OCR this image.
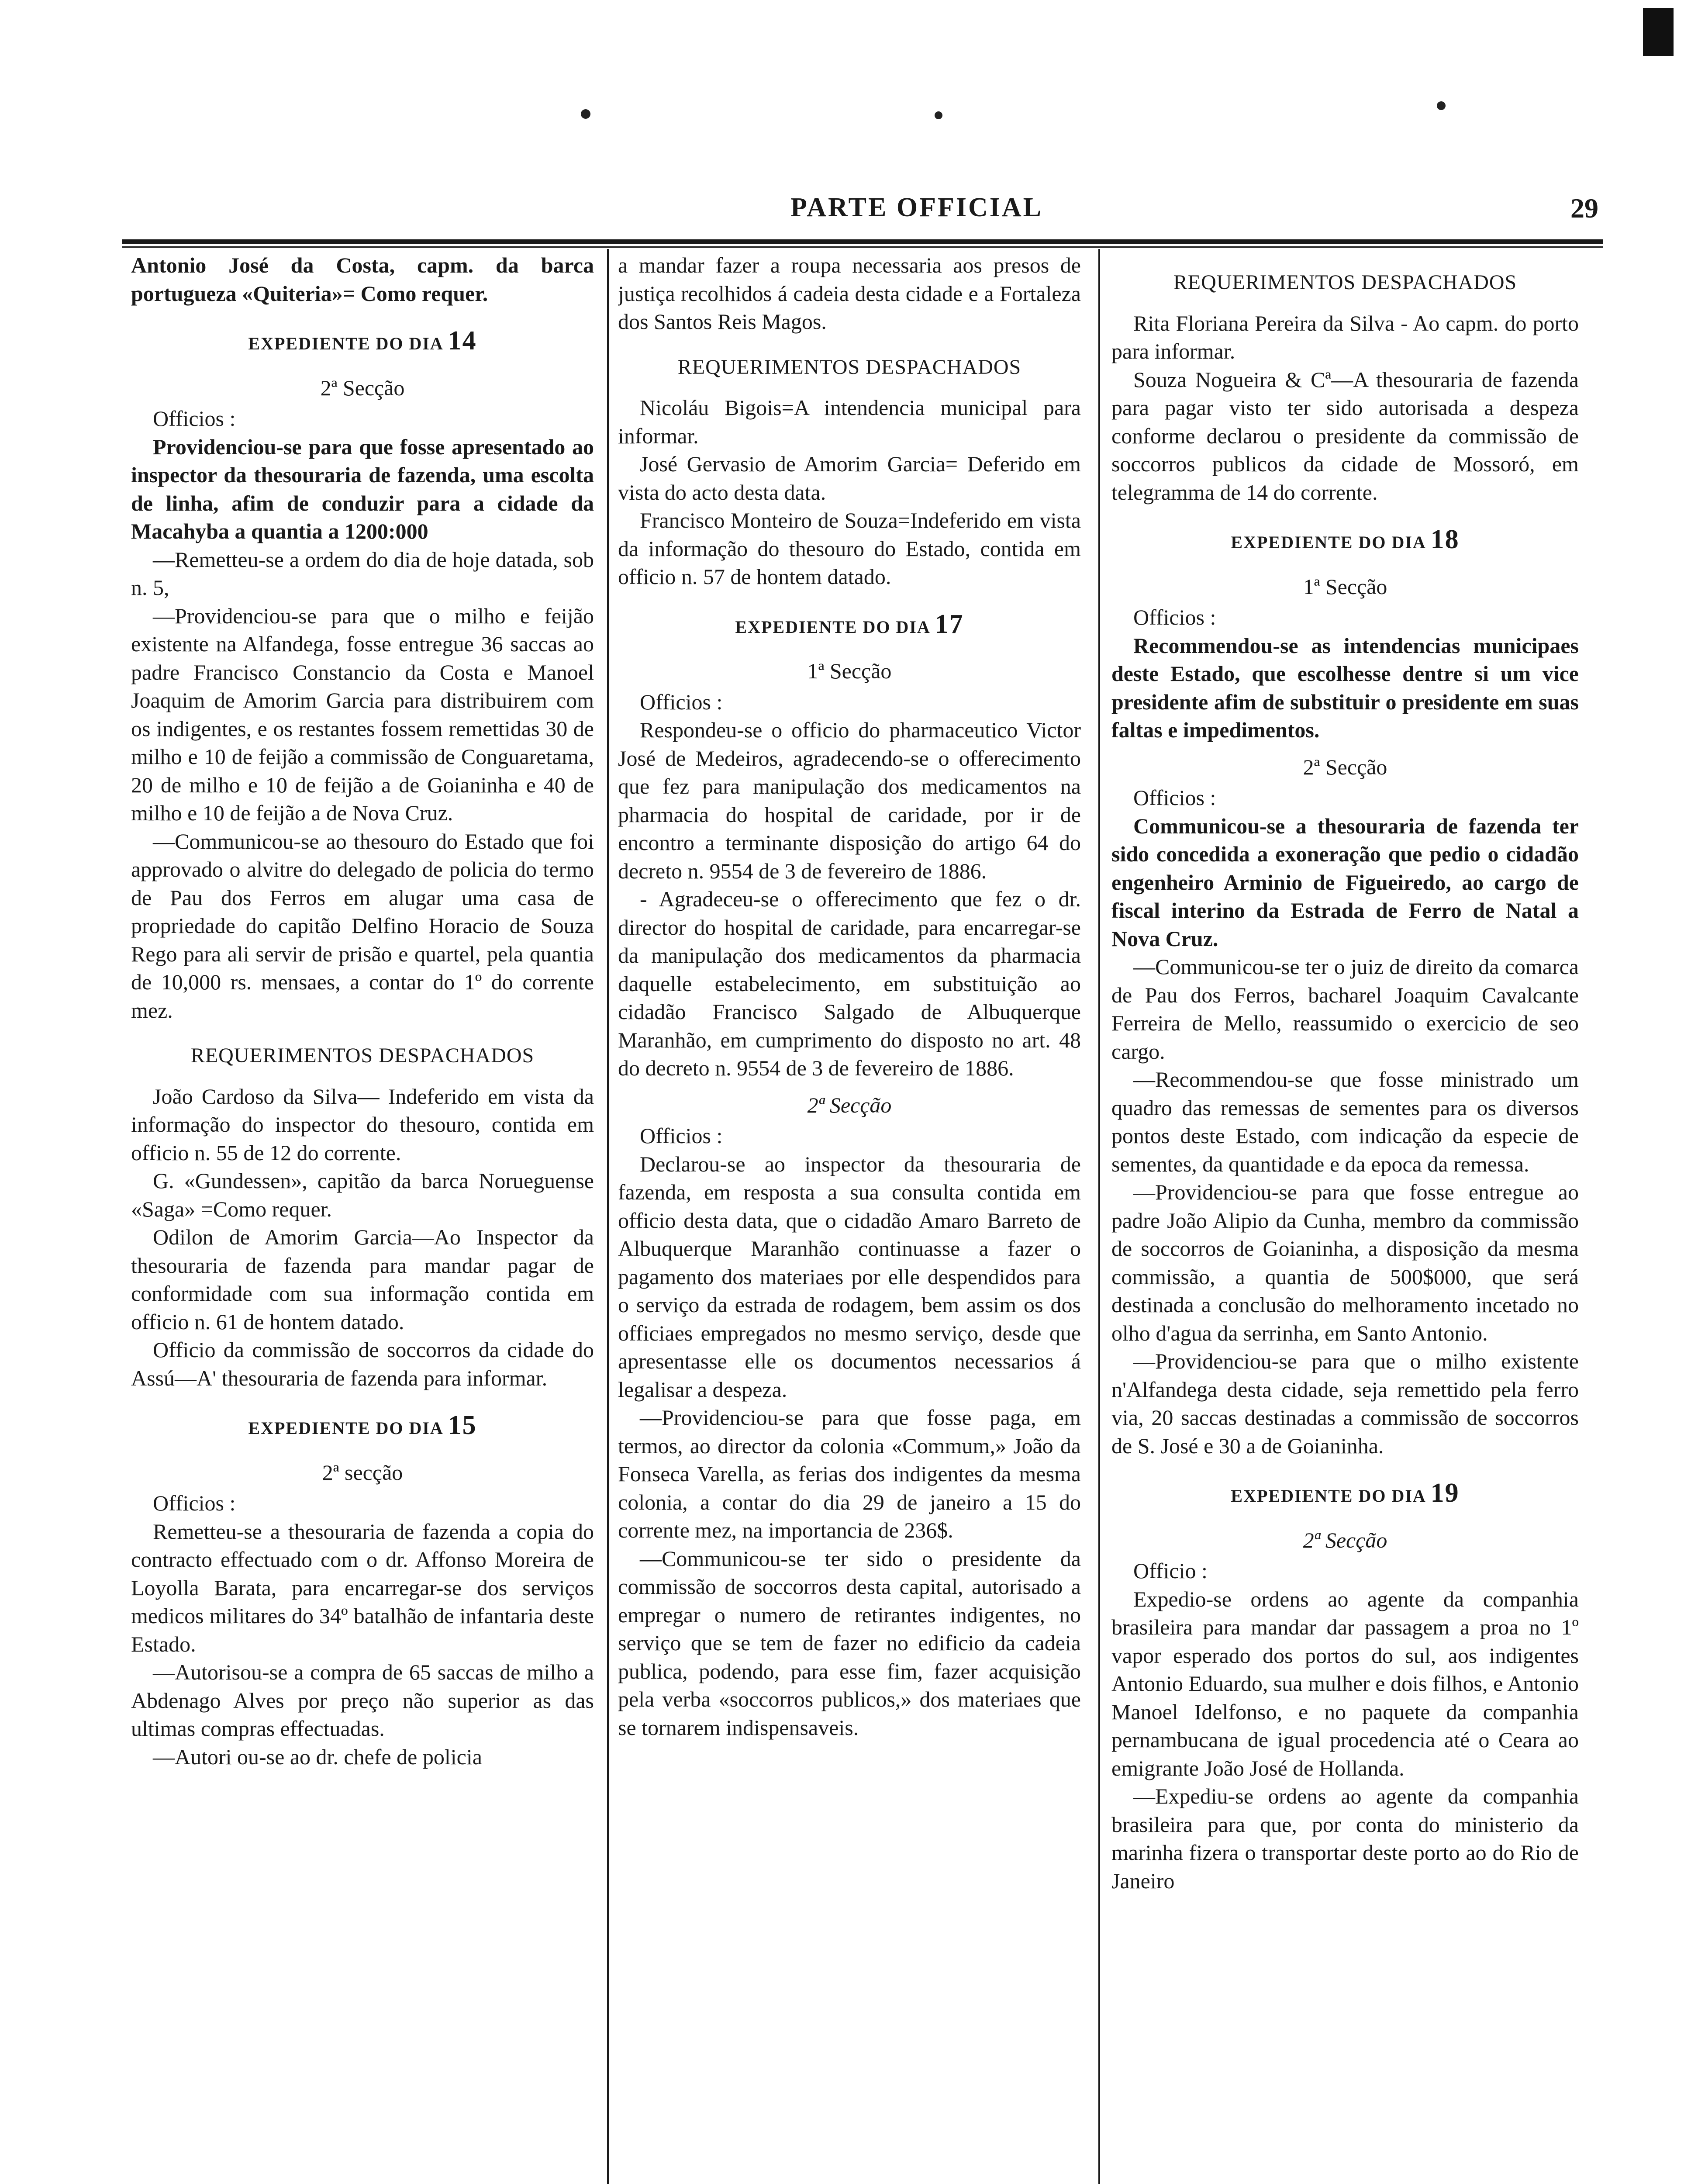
PARTE OFFICIAL	29

Antonio José da Costa, capm. da barca portugueza «Quiteria»= Como requer.

EXPEDIENTE DO DIA 14
2ª Secção

Officios :

Providenciou-se para que fosse apresentado ao inspector da thesouraria de fazenda, uma escolta de linha, afim de conduzir para a cidade da Macahyba a quantia a 1200:000

—Remetteu-se a ordem do dia de hoje datada, sob n. 5,

—Providenciou-se para que o milho e feijão existente na Alfandega, fosse entregue 36 saccas ao padre Francisco Constancio da Costa e Manoel Joaquim de Amorim Garcia para distribuirem com os indigentes, e os restantes fossem remettidas 30 de milho e 10 de feijão a commissão de Conguaretama, 20 de milho e 10 de feijão a de Goianinha e 40 de milho e 10 de feijão a de Nova Cruz.

—Communicou-se ao thesouro do Estado que foi approvado o alvitre do delegado de policia do termo de Pau dos Ferros em alugar uma casa de propriedade do capitão Delfino Horacio de Souza Rego para ali servir de prisão e quartel, pela quantia de 10,000 rs. mensaes, a contar do 1º do corrente mez.

REQUERIMENTOS DESPACHADOS

João Cardoso da Silva— Indeferido em vista da informação do inspector do thesouro, contida em officio n. 55 de 12 do corrente.

G. «Gundessen», capitão da barca Norueguense «Saga» =Como requer.

Odilon de Amorim Garcia—Ao Inspector da thesouraria de fazenda para mandar pagar de conformidade com sua informação contida em officio n. 61 de hontem datado.

Officio da commissão de soccorros da cidade do Assú—A' thesouraria de fazenda para informar.

EXPEDIENTE DO DIA 15
2ª secção

Officios :

Remetteu-se a thesouraria de fazenda a copia do contracto effectuado com o dr. Affonso Moreira de Loyolla Barata, para encarregar-se dos serviços medicos militares do 34º batalhão de infantaria deste Estado.

—Autorisou-se a compra de 65 saccas de milho a Abdenago Alves por preço não superior as das ultimas compras effectuadas.

—Autori ou-se ao dr. chefe de policia

a mandar fazer a roupa necessaria aos presos de justiça recolhidos á cadeia desta cidade e a Fortaleza dos Santos Reis Magos.

REQUERIMENTOS DESPACHADOS

Nicoláu Bigois=A intendencia municipal para informar.

José Gervasio de Amorim Garcia= Deferido em vista do acto desta data.

Francisco Monteiro de Souza=Indeferido em vista da informação do thesouro do Estado, contida em officio n. 57 de hontem datado.

EXPEDIENTE DO DIA 17
1ª Secção

Officios :

Respondeu-se o officio do pharmaceutico Victor José de Medeiros, agradecendo-se o offerecimento que fez para manipulação dos medicamentos na pharmacia do hospital de caridade, por ir de encontro a terminante disposição do artigo 64 do decreto n. 9554 de 3 de fevereiro de 1886.

- Agradeceu-se o offerecimento que fez o dr. director do hospital de caridade, para encarregar-se da manipulação dos medicamentos da pharmacia daquelle estabelecimento, em substituição ao cidadão Francisco Salgado de Albuquerque Maranhão, em cumprimento do disposto no art. 48 do decreto n. 9554 de 3 de fevereiro de 1886.

2ª Secção

Officios :

Declarou-se ao inspector da thesouraria de fazenda, em resposta a sua consulta contida em officio desta data, que o cidadão Amaro Barreto de Albuquerque Maranhão continuasse a fazer o pagamento dos materiaes por elle despendidos para o serviço da estrada de rodagem, bem assim os dos officiaes empregados no mesmo serviço, desde que apresentasse elle os documentos necessarios á legalisar a despeza.

—Providenciou-se para que fosse paga, em termos, ao director da colonia «Commum,» João da Fonseca Varella, as ferias dos indigentes da mesma colonia, a contar do dia 29 de janeiro a 15 do corrente mez, na importancia de 236$.

—Communicou-se ter sido o presidente da commissão de soccorros desta capital, autorisado a empregar o numero de retirantes indigentes, no serviço que se tem de fazer no edificio da cadeia publica, podendo, para esse fim, fazer acquisição pela verba «soccorros publicos,» dos materiaes que se tornarem indispensaveis.

REQUERIMENTOS DESPACHADOS

Rita Floriana Pereira da Silva - Ao capm. do porto para informar.

Souza Nogueira & Cª—A thesouraria de fazenda para pagar visto ter sido autorisada a despeza conforme declarou o presidente da commissão de soccorros publicos da cidade de Mossoró, em telegramma de 14 do corrente.

EXPEDIENTE DO DIA 18
1ª Secção

Officios :

Recommendou-se as intendencias municipaes deste Estado, que escolhesse dentre si um vice presidente afim de substituir o presidente em suas faltas e impedimentos.

2ª Secção

Officios :

Communicou-se a thesouraria de fazenda ter sido concedida a exoneração que pedio o cidadão engenheiro Arminio de Figueiredo, ao cargo de fiscal interino da Estrada de Ferro de Natal a Nova Cruz.

—Communicou-se ter o juiz de direito da comarca de Pau dos Ferros, bacharel Joaquim Cavalcante Ferreira de Mello, reassumido o exercicio de seo cargo.

—Recommendou-se que fosse ministrado um quadro das remessas de sementes para os diversos pontos deste Estado, com indicação da especie de sementes, da quantidade e da epoca da remessa.

—Providenciou-se para que fosse entregue ao padre João Alipio da Cunha, membro da commissão de soccorros de Goianinha, a disposição da mesma commissão, a quantia de 500$000, que será destinada a conclusão do melhoramento incetado no olho d'agua da serrinha, em Santo Antonio.

—Providenciou-se para que o milho existente n'Alfandega desta cidade, seja remettido pela ferro via, 20 saccas destinadas a commissão de soccorros de S. José e 30 a de Goianinha.

EXPEDIENTE DO DIA 19
2ª Secção

Officio :

Expedio-se ordens ao agente da companhia brasileira para mandar dar passagem a proa no 1º vapor esperado dos portos do sul, aos indigentes Antonio Eduardo, sua mulher e dois filhos, e Antonio Manoel Idelfonso, e no paquete da companhia pernambucana de igual procedencia até o Ceara ao emigrante João José de Hollanda.

—Expediu-se ordens ao agente da companhia brasileira para que, por conta do ministerio da marinha fizera o transportar deste porto ao do Rio de Janeiro
